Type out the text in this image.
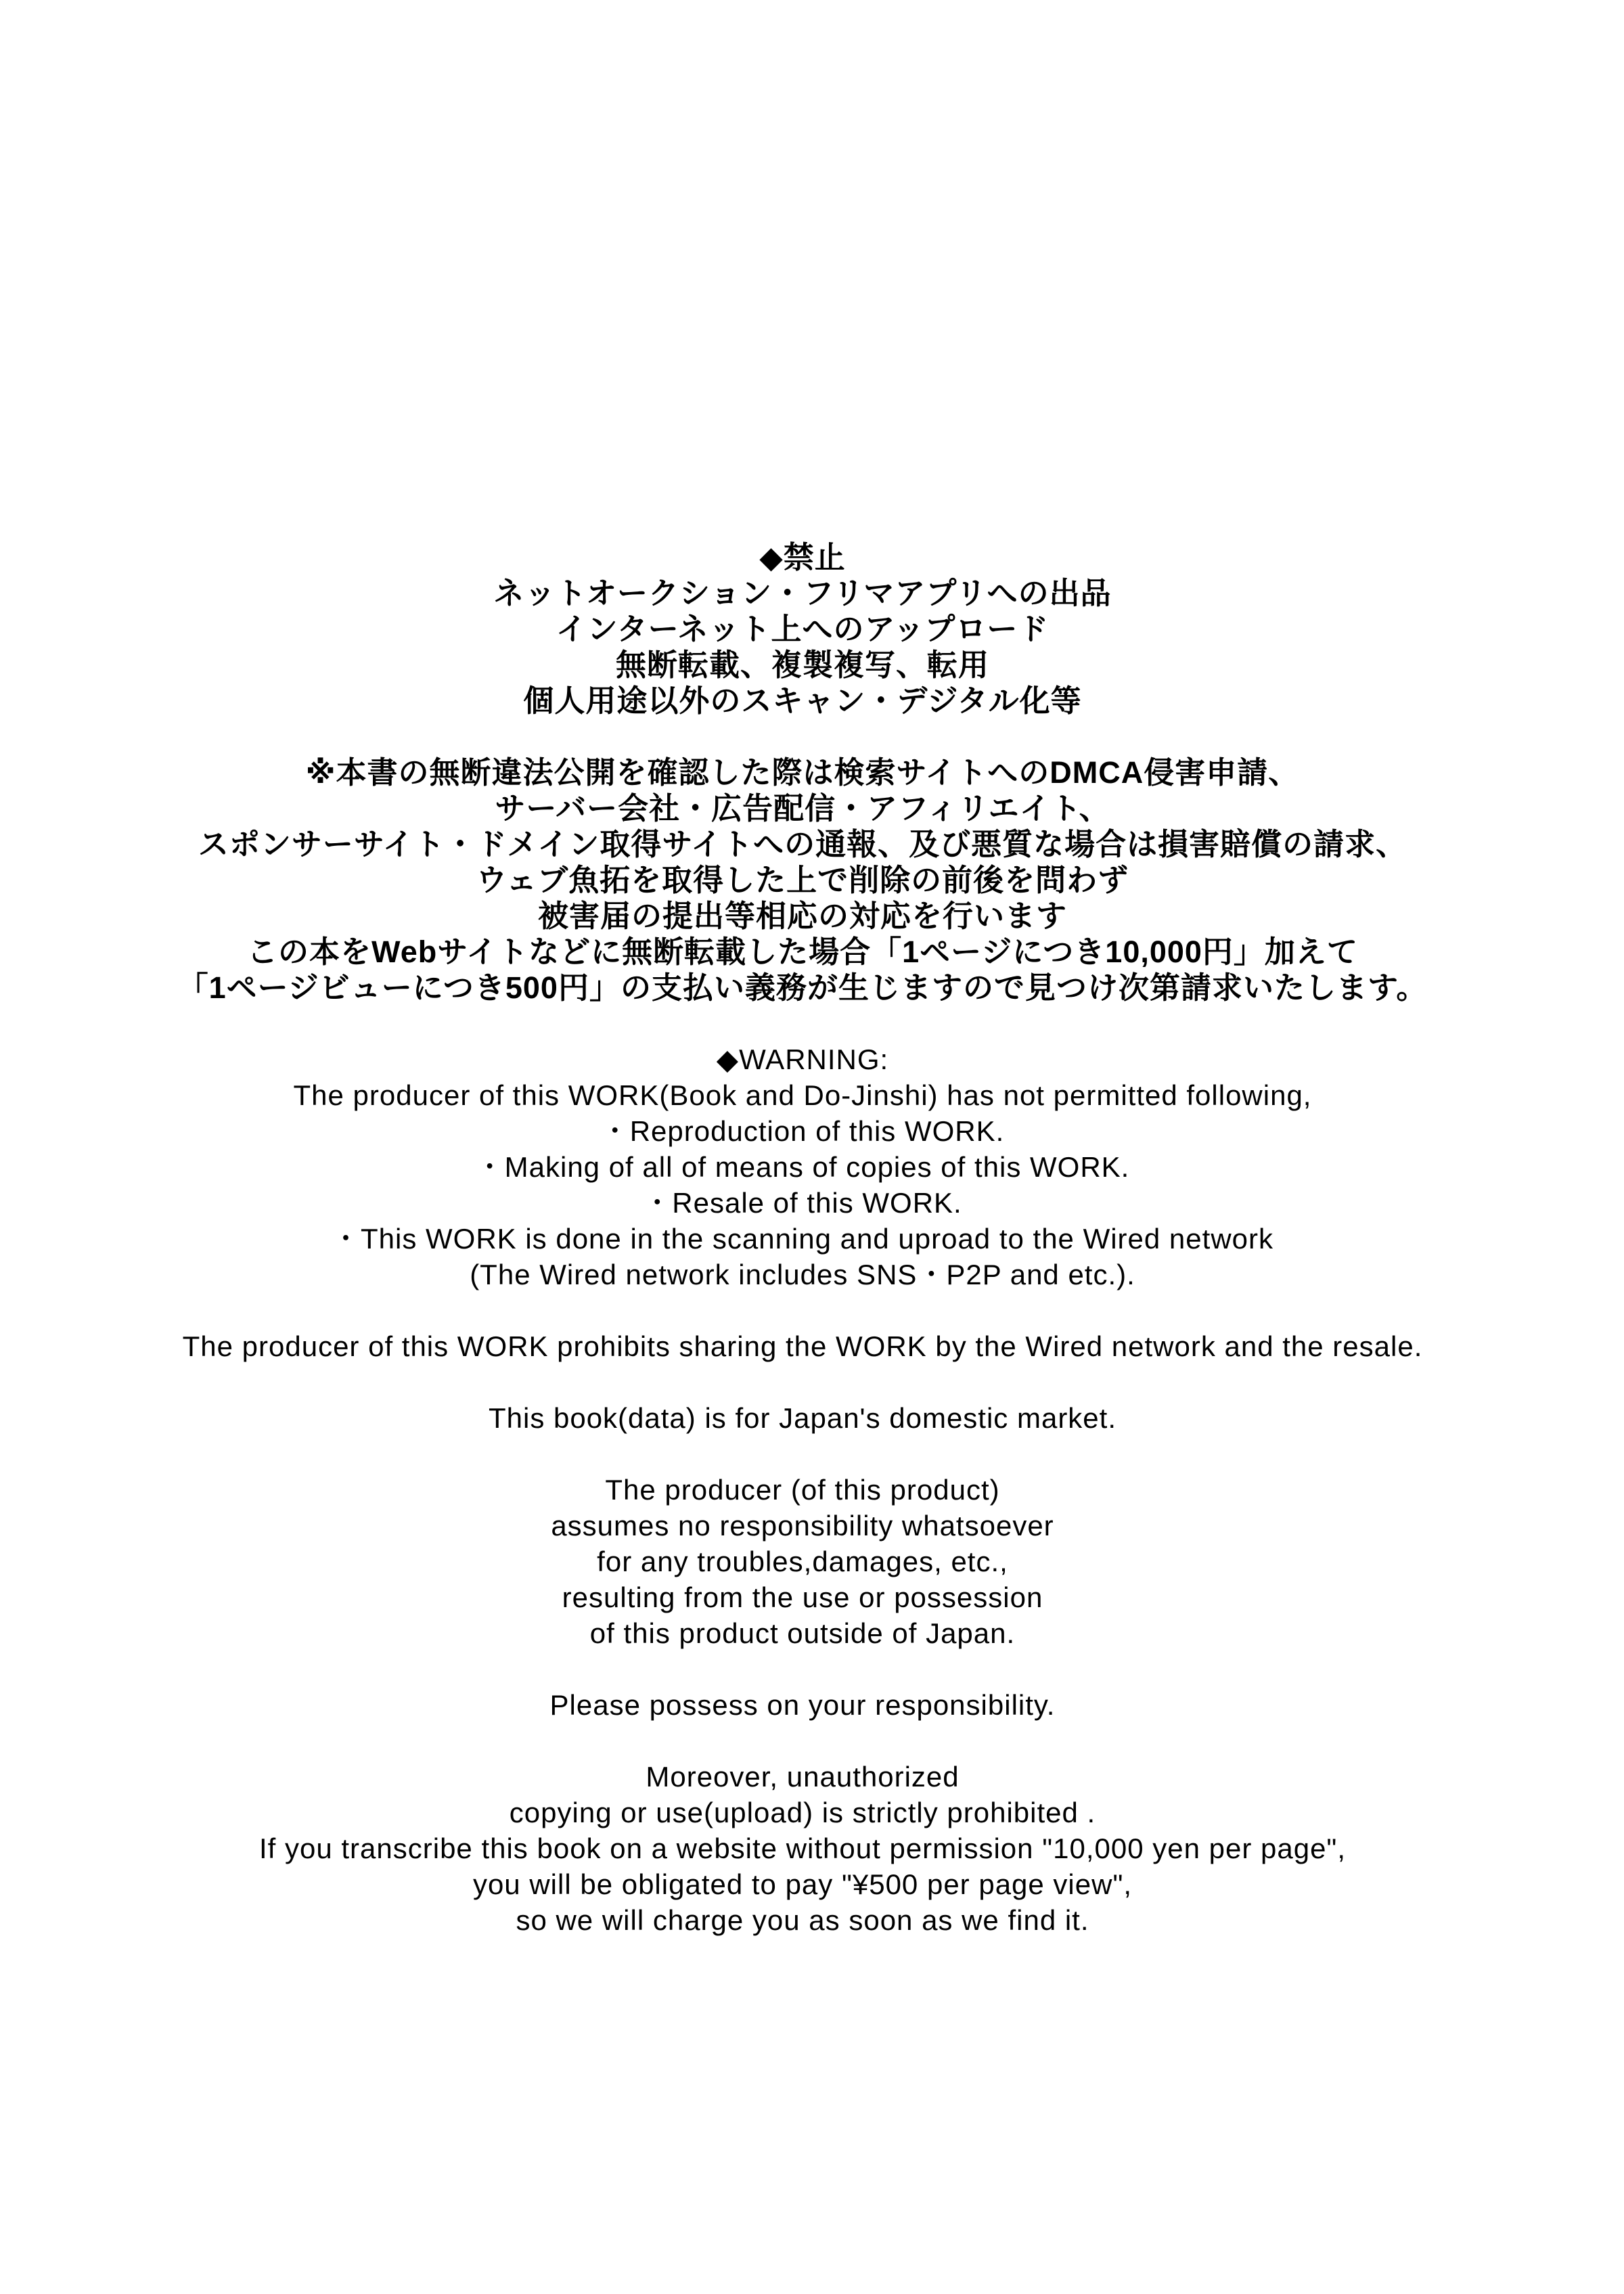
◆禁止
ネットオークション・フリマアプリへの出品
インターネット上へのアップロード
無断転載、複製複写、転用
個人用途以外のスキャン・デジタル化等
※本書の無断違法公開を確認した際は検索サイトへのDMCA侵害申請、
サーバー会社・広告配信・アフィリエイト、
スポンサーサイト・ドメイン取得サイトへの通報、及び悪質な場合は損害賠償の請求、
ウェブ魚拓を取得した上で削除の前後を問わず
被害届の提出等相応の対応を行います
この本をWebサイトなどに無断転載した場合「1ページにつき10,000円」加えて
「1ページビューにつき500円」の支払い義務が生じますので見つけ次第請求いたします。
◆WARNING:
The producer of this WORK(Book and Do-Jinshi) has not permitted following,
・Reproduction of this WORK.
・Making of all of means of copies of this WORK.
・Resale of this WORK.
・This WORK is done in the scanning and uproad to the Wired network
(The Wired network includes SNS・P2P and etc.).
The producer of this WORK prohibits sharing the WORK by the Wired network and the resale.
This book(data) is for Japan's domestic market.
The producer (of this product)
assumes no responsibility whatsoever
for any troubles,damages, etc.,
resulting from the use or possession
of this product outside of Japan.
Please possess on your responsibility.
Moreover, unauthorized
copying or use(upload) is strictly prohibited .
If you transcribe this book on a website without permission "10,000 yen per page",
you will be obligated to pay "¥500 per page view",
so we will charge you as soon as we find it.
